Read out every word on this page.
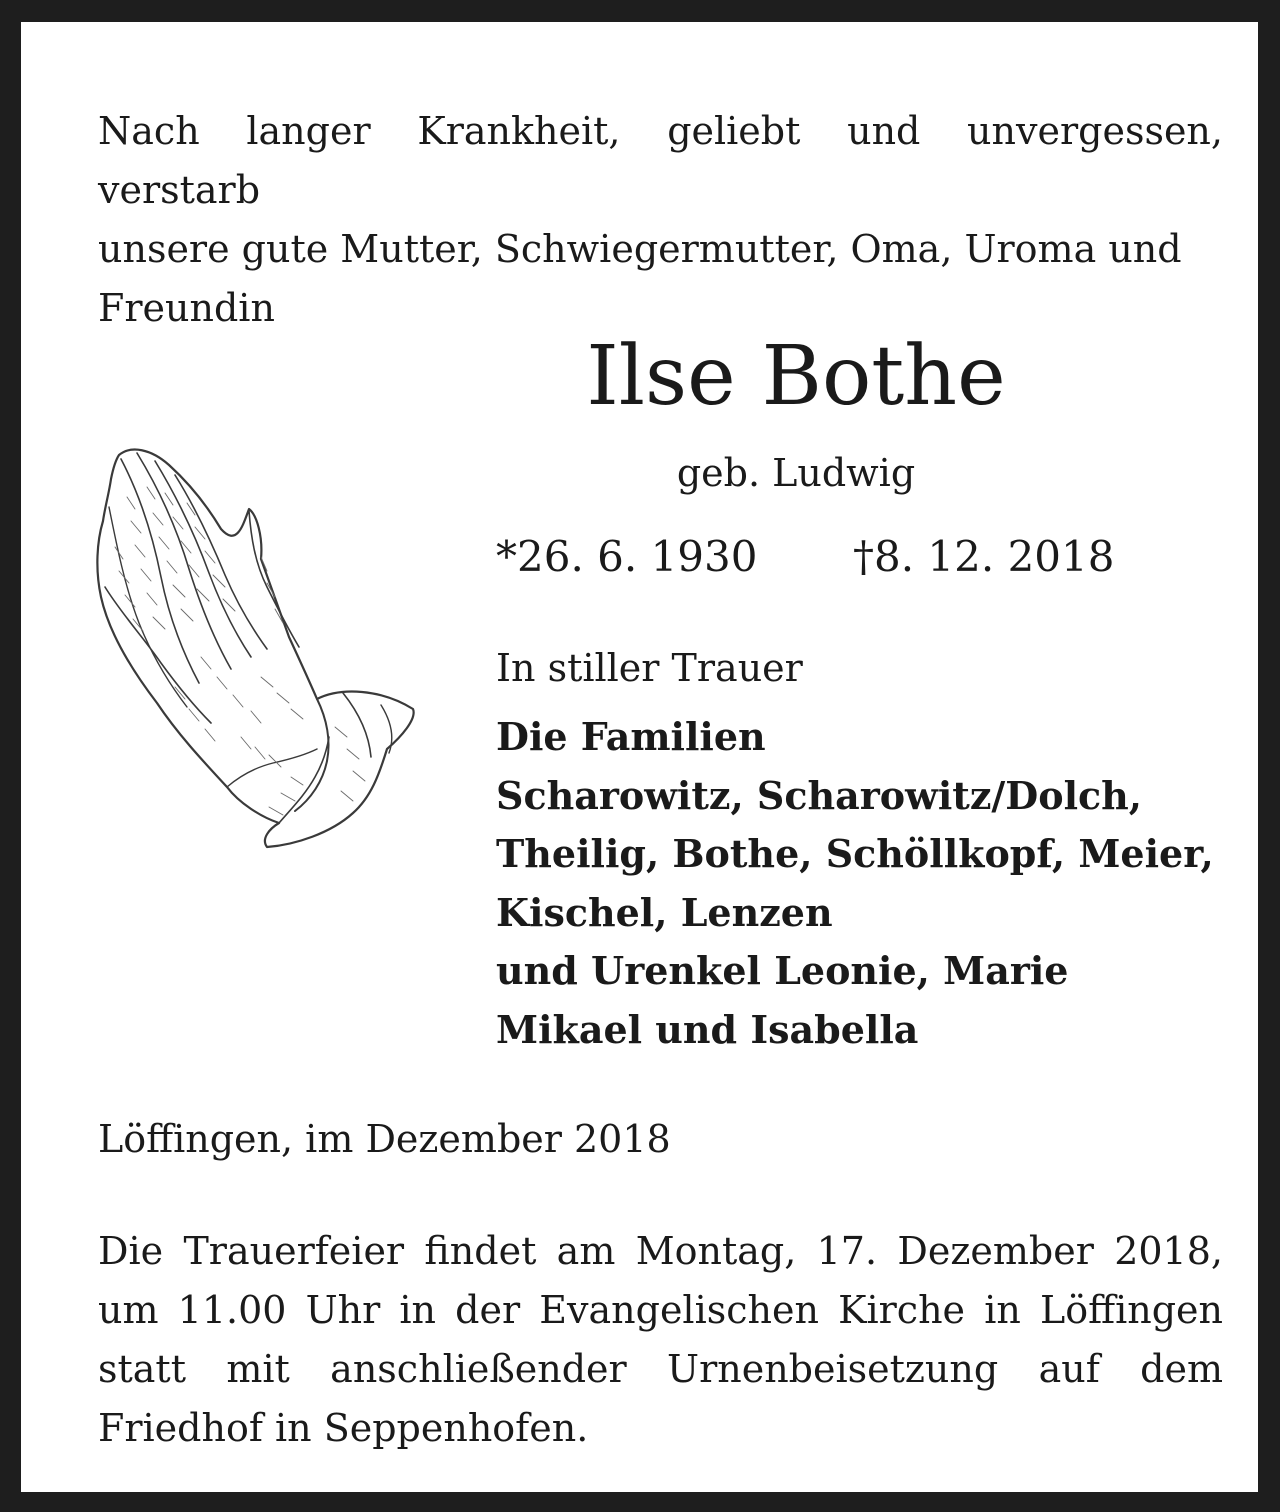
Nach langer Krankheit, geliebt und unvergessen, verstarb
unsere gute Mutter, Schwiegermutter, Oma, Uroma und
Freundin

Ilse Bothe
geb. Ludwig
*26. 6. 1930 †8. 12. 2018
In stiller Trauer
Die Familien
Scharowitz, Scharowitz/Dolch,
Theilig, Bothe, Schöllkopf, Meier,
Kischel, Lenzen
und Urenkel Leonie, Marie
Mikael und Isabella
Löffingen, im Dezember 2018

Die Trauerfeier findet am Montag, 17. Dezember 2018,
um 11.00 Uhr in der Evangelischen Kirche in Löffingen
statt mit anschließender Urnenbeisetzung auf dem
Friedhof in Seppenhofen.
